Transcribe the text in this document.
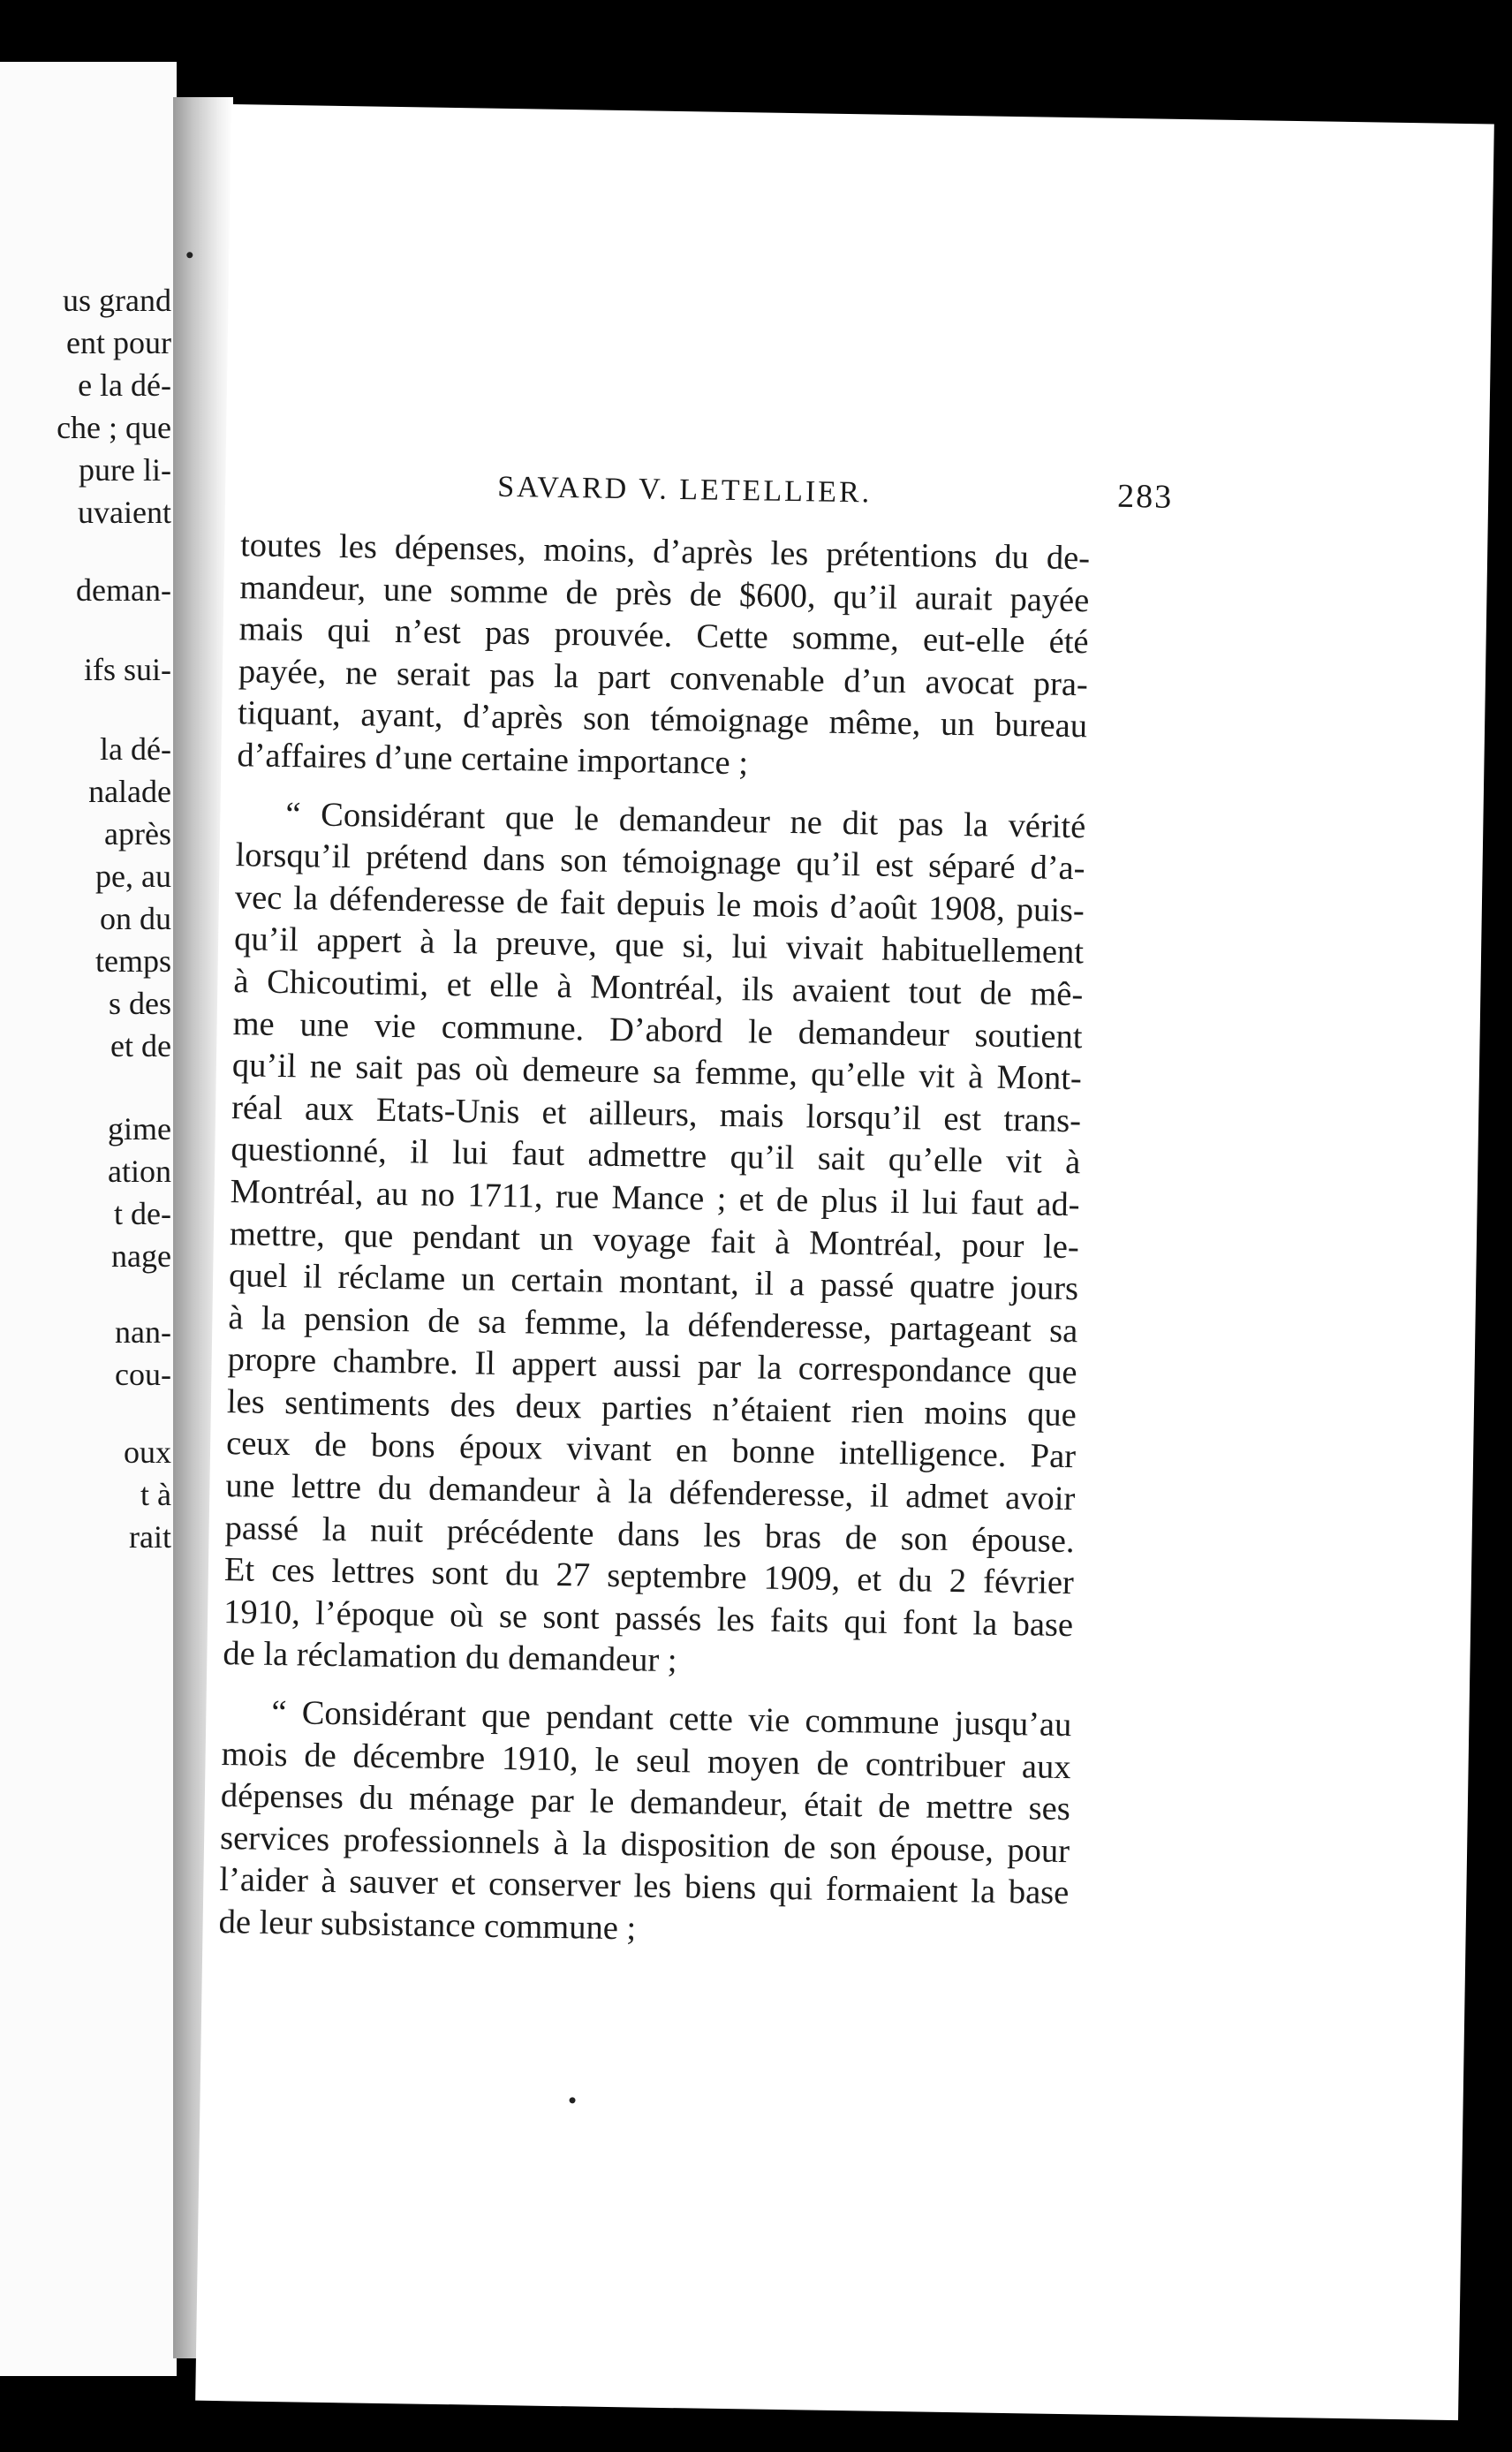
us grand
ent pour
e la dé-
che ; que
pure li-
uvaient
deman-
ifs sui-
la dé-
nalade
après
pe, au
on du
temps
s des
et de
gime
ation
t de-
nage
nan-
cou-
oux
t à
rait
SAVARD V. LETELLIER.	283
toutes les dépenses, moins, d’après les prétentions du de-
mandeur, une somme de près de $600, qu’il aurait payée
mais qui n’est pas prouvée. Cette somme, eut-elle été
payée, ne serait pas la part convenable d’un avocat pra-
tiquant, ayant, d’après son témoignage même, un bureau
d’affaires d’une certaine importance ;
“ Considérant que le demandeur ne dit pas la vérité
lorsqu’il prétend dans son témoignage qu’il est séparé d’a-
vec la défenderesse de fait depuis le mois d’août 1908, puis-
qu’il appert à la preuve, que si, lui vivait habituellement
à Chicoutimi, et elle à Montréal, ils avaient tout de mê-
me une vie commune. D’abord le demandeur soutient
qu’il ne sait pas où demeure sa femme, qu’elle vit à Mont-
réal aux Etats-Unis et ailleurs, mais lorsqu’il est trans-
questionné, il lui faut admettre qu’il sait qu’elle vit à
Montréal, au no 1711, rue Mance ; et de plus il lui faut ad-
mettre, que pendant un voyage fait à Montréal, pour le-
quel il réclame un certain montant, il a passé quatre jours
à la pension de sa femme, la défenderesse, partageant sa
propre chambre. Il appert aussi par la correspondance que
les sentiments des deux parties n’étaient rien moins que
ceux de bons époux vivant en bonne intelligence. Par
une lettre du demandeur à la défenderesse, il admet avoir
passé la nuit précédente dans les bras de son épouse.
Et ces lettres sont du 27 septembre 1909, et du 2 février
1910, l’époque où se sont passés les faits qui font la base
de la réclamation du demandeur ;
“ Considérant que pendant cette vie commune jusqu’au
mois de décembre 1910, le seul moyen de contribuer aux
dépenses du ménage par le demandeur, était de mettre ses
services professionnels à la disposition de son épouse, pour
l’aider à sauver et conserver les biens qui formaient la base
de leur subsistance commune ;
